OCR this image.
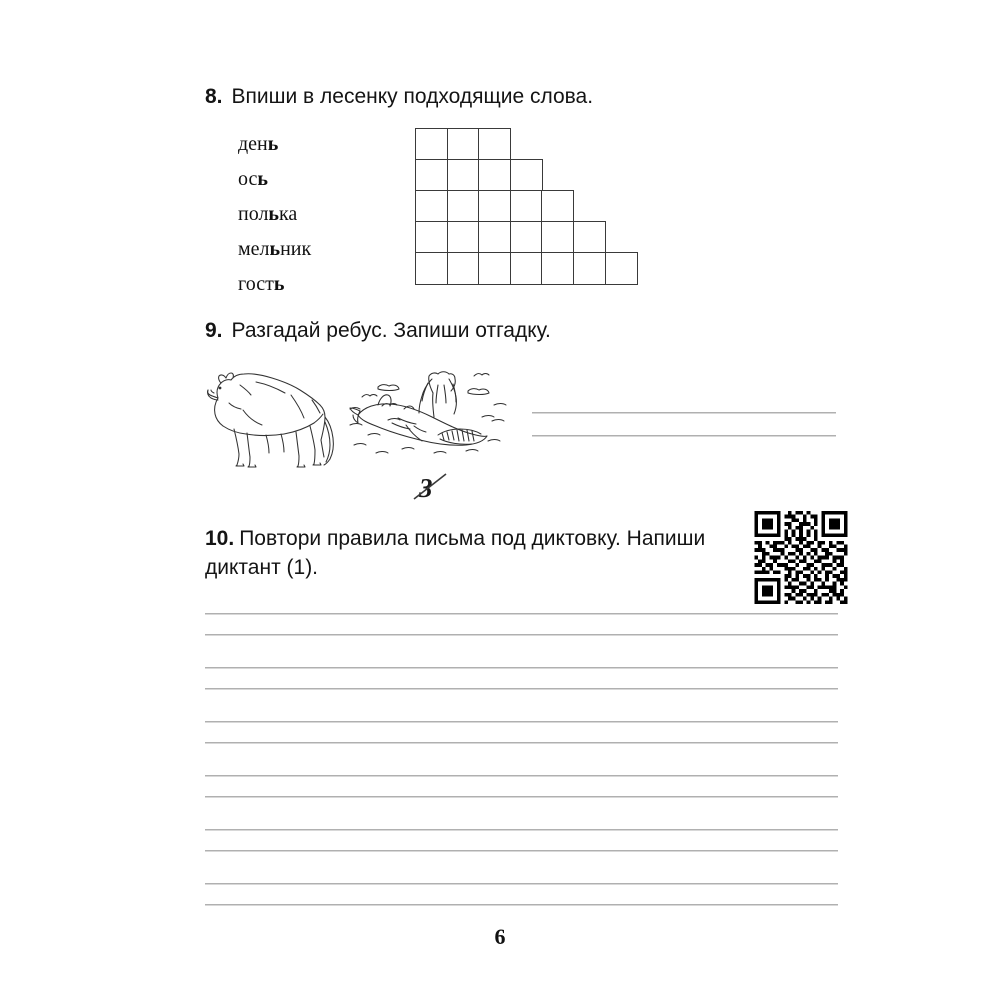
8. Впиши в лесенку подходящие слова.
день
ось
полька
мельник
гость
9. Разгадай ребус. Запиши отгадку.
3
10. Повтори правила письма под диктовку. Напиши диктант (1).
6
